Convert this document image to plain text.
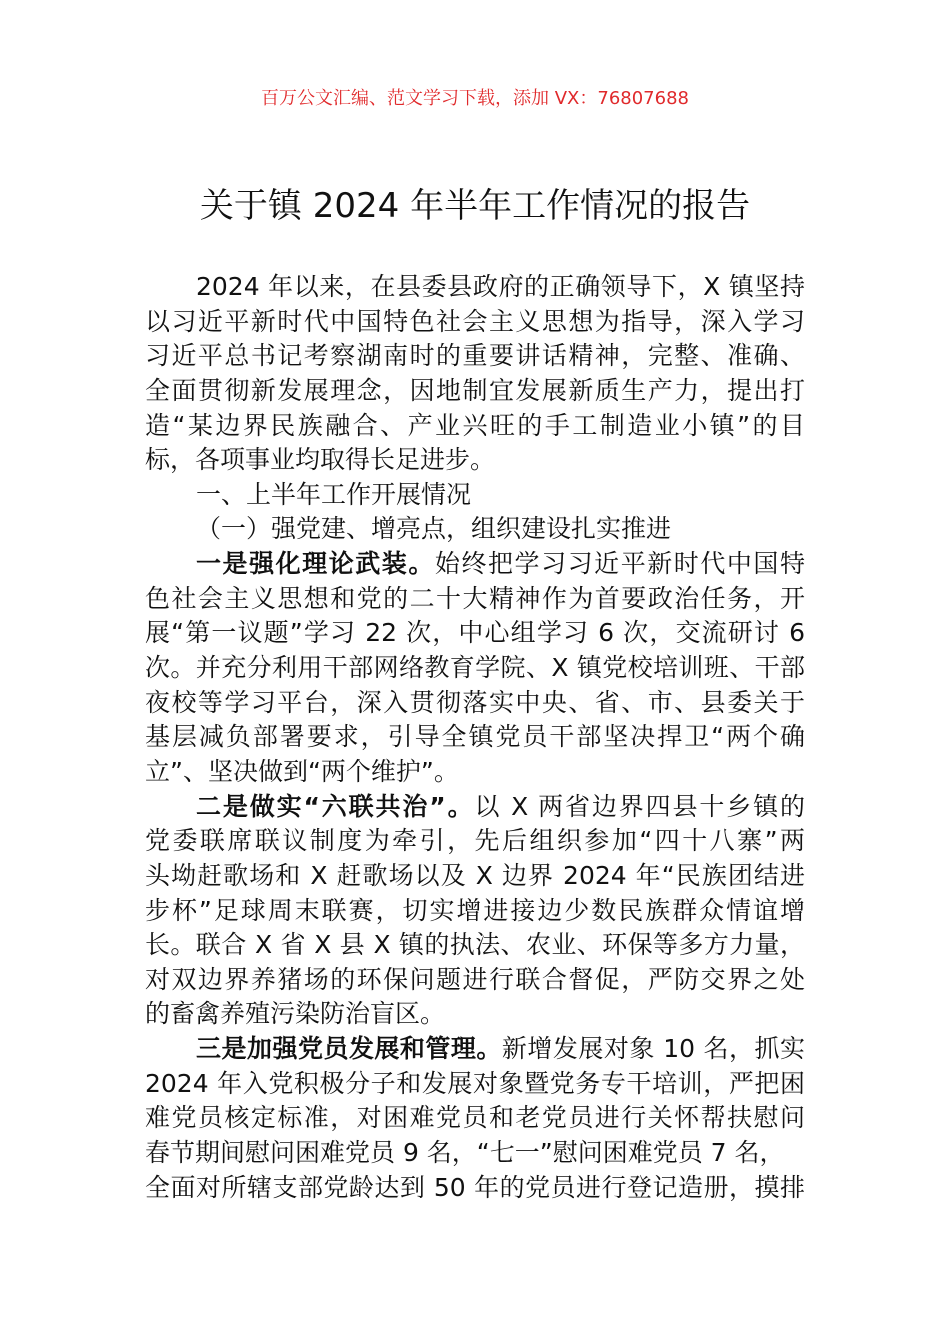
百万公文汇编、范文学习下载，添加 VX：76807688
关于镇 2024 年半年工作情况的报告
2024 年以来，在县委县政府的正确领导下，X 镇坚持
以习近平新时代中国特色社会主义思想为指导，深入学习
习近平总书记考察湖南时的重要讲话精神，完整、准确、
全面贯彻新发展理念，因地制宜发展新质生产力，提出打
造“某边界民族融合、产业兴旺的手工制造业小镇”的目
标，各项事业均取得长足进步。
一、上半年工作开展情况
（一）强党建、增亮点，组织建设扎实推进
一是强化理论武装。始终把学习习近平新时代中国特
色社会主义思想和党的二十大精神作为首要政治任务，开
展“第一议题”学习 22 次，中心组学习 6 次，交流研讨 6
次。并充分利用干部网络教育学院、X 镇党校培训班、干部
夜校等学习平台，深入贯彻落实中央、省、市、县委关于
基层减负部署要求，引导全镇党员干部坚决捍卫“两个确
立”、坚决做到“两个维护”。
二是做实“六联共治”。以 X 两省边界四县十乡镇的
党委联席联议制度为牵引，先后组织参加“四十八寨”两
头坳赶歌场和 X 赶歌场以及 X 边界 2024 年“民族团结进
步杯”足球周末联赛，切实增进接边少数民族群众情谊增
长。联合 X 省 X 县 X 镇的执法、农业、环保等多方力量，
对双边界养猪场的环保问题进行联合督促，严防交界之处
的畜禽养殖污染防治盲区。
三是加强党员发展和管理。新增发展对象 10 名，抓实
2024 年入党积极分子和发展对象暨党务专干培训，严把困
难党员核定标准，对困难党员和老党员进行关怀帮扶慰问
春节期间慰问困难党员 9 名，“七一”慰问困难党员 7 名，
全面对所辖支部党龄达到 50 年的党员进行登记造册，摸排
